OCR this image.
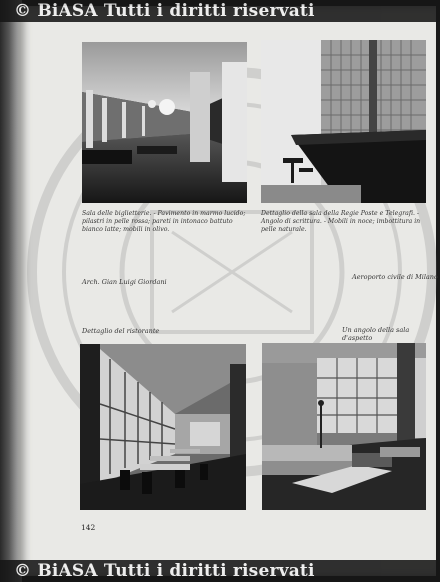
Sala delle biglietterie. - Pavimento in marmo lucido; pilastri in pelle rossa; pareti in intonaco battuto bianco latte; mobili in olivo.

Dettaglio della sala della Regie Poste e Telegrafi. - Angolo di scrittura. - Mobili in noce; imbottitura in pelle naturale.

Arch. Gian Luigi Giordani
Aeroporto civile di Milano
Dettaglio del ristorante	Un angolo della sala d'aspetto
142
© BiASA Tutti i diritti riservati
© BiASA Tutti i diritti riservati
